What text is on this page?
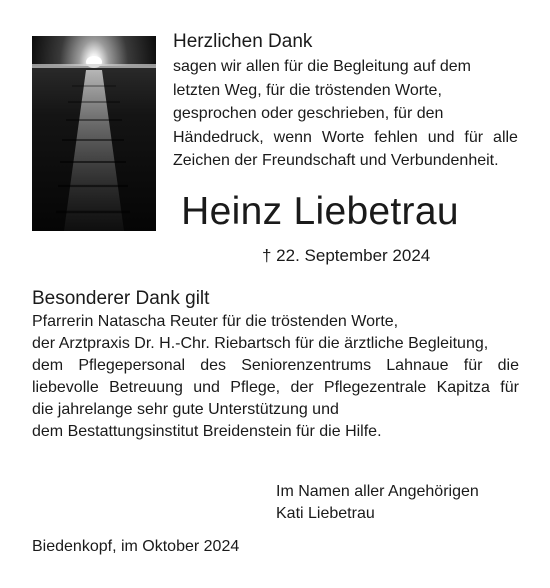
Herzlichen Dank
sagen wir allen für die Begleitung auf dem
letzten Weg, für die tröstenden Worte,
gesprochen oder geschrieben, für den
Händedruck, wenn Worte fehlen und für alle
Zeichen der Freundschaft und Verbundenheit.
Heinz Liebetrau
† 22. September 2024
Besonderer Dank gilt
Pfarrerin Natascha Reuter für die tröstenden Worte,
der Arztpraxis Dr. H.-Chr. Riebartsch für die ärztliche Begleitung,
dem Pflegepersonal des Seniorenzentrums Lahnaue für die
liebevolle Betreuung und Pflege, der Pflegezentrale Kapitza für
die jahrelange sehr gute Unterstützung und
dem Bestattungsinstitut Breidenstein für die Hilfe.
Im Namen aller Angehörigen
Kati Liebetrau
Biedenkopf, im Oktober 2024
